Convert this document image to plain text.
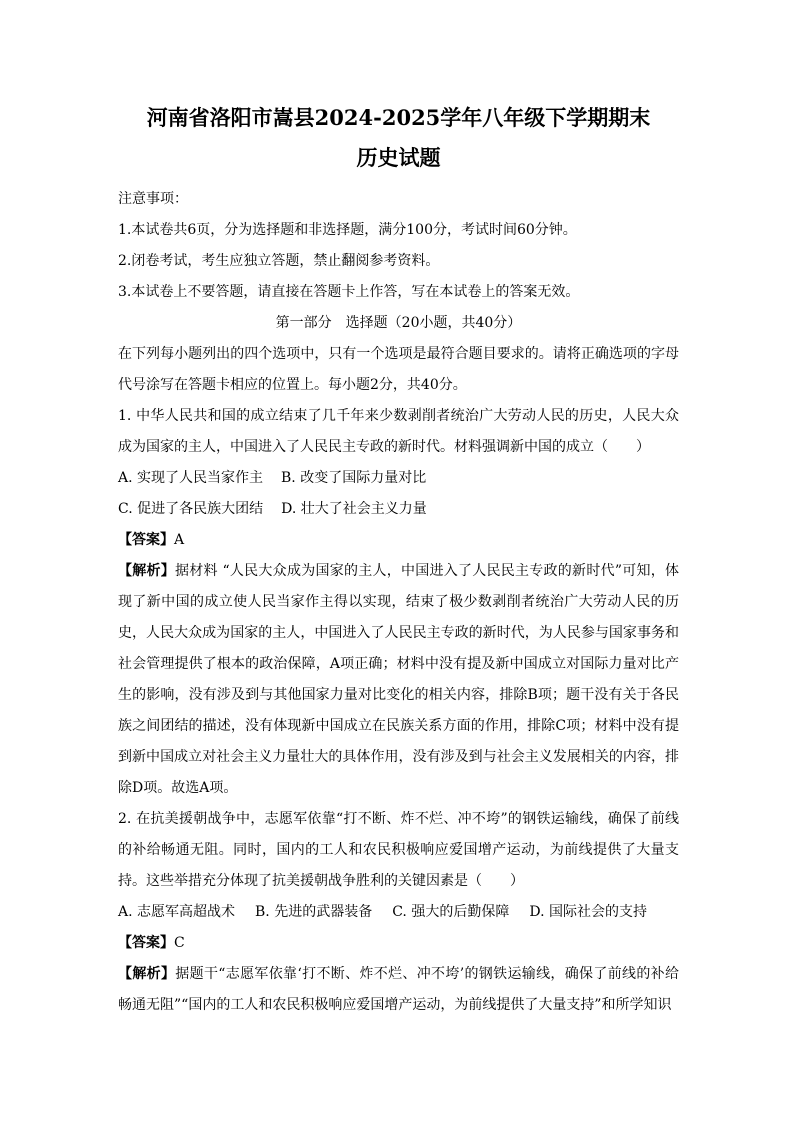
河南省洛阳市嵩县2024-2025学年八年级下学期期末
历史试题

注意事项：

1.本试卷共6页，分为选择题和非选择题，满分100分，考试时间60分钟。

2.闭卷考试，考生应独立答题，禁止翻阅参考资料。

3.本试卷上不要答题，请直接在答题卡上作答，写在本试卷上的答案无效。

第一部分　选择题（20小题，共40分）

在下列每小题列出的四个选项中，只有一个选项是最符合题目要求的。请将正确选项的字母代号涂写在答题卡相应的位置上。每小题2分，共40分。

1. 中华人民共和国的成立结束了几千年来少数剥削者统治广大劳动人民的历史，人民大众成为国家的主人，中国进入了人民民主专政的新时代。材料强调新中国的成立（　　）

A. 实现了人民当家作主 B. 改变了国际力量对比
C. 促进了各民族大团结 D. 壮大了社会主义力量

【答案】A

【解析】据材料 “人民大众成为国家的主人，中国进入了人民民主专政的新时代”可知，体现了新中国的成立使人民当家作主得以实现，结束了极少数剥削者统治广大劳动人民的历史，人民大众成为国家的主人，中国进入了人民民主专政的新时代，为人民参与国家事务和社会管理提供了根本的政治保障，A项正确；材料中没有提及新中国成立对国际力量对比产生的影响，没有涉及到与其他国家力量对比变化的相关内容，排除B项；题干没有关于各民族之间团结的描述，没有体现新中国成立在民族关系方面的作用，排除C项；材料中没有提到新中国成立对社会主义力量壮大的具体作用，没有涉及到与社会主义发展相关的内容，排除D项。故选A项。

2. 在抗美援朝战争中，志愿军依靠“打不断、炸不烂、冲不垮”的钢铁运输线，确保了前线的补给畅通无阻。同时，国内的工人和农民积极响应爱国增产运动，为前线提供了大量支持。这些举措充分体现了抗美援朝战争胜利的关键因素是（　　）

A. 志愿军高超战术 B. 先进的武器装备 C. 强大的后勤保障 D. 国际社会的支持

【答案】C

【解析】据题干“志愿军依靠‘打不断、炸不烂、冲不垮’的钢铁运输线，确保了前线的补给畅通无阻”“国内的工人和农民积极响应爱国增产运动，为前线提供了大量支持”和所学知识
